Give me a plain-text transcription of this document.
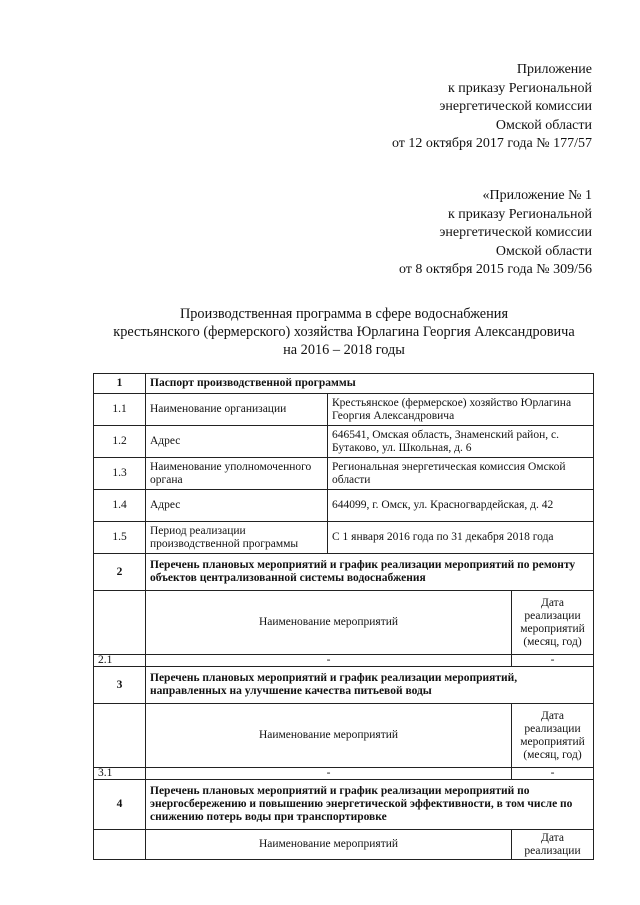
Приложение
к приказу Региональной
энергетической комиссии
Омской области
от 12 октября 2017 года № 177/57
«Приложение № 1
к приказу Региональной
энергетической комиссии
Омской области
от 8 октября 2015 года № 309/56
Производственная программа в сфере водоснабжения
крестьянского (фермерского) хозяйства Юрлагина Георгия Александровича
на 2016 – 2018 годы
1	Паспорт производственной программы		
1.1	Наименование организации	Крестьянское (фермерское) хозяйство Юрлагина Георгия Александровича	
1.2	Адрес	646541, Омская область, Знаменский район, с. Бутаково, ул. Школьная, д. 6	
1.3	Наименование уполномоченного органа	Региональная энергетическая комиссия Омской области	
1.4	Адрес	644099, г. Омск, ул. Красногвардейская, д. 42	
1.5	Период реализации производственной программы	С 1 января 2016 года по 31 декабря 2018 года	
2	Перечень плановых мероприятий и график реализации мероприятий по ремонту объектов централизованной системы водоснабжения		
	Наименование мероприятий		Дата реализации мероприятий (месяц, год)
2.1	-		-
3	Перечень плановых мероприятий и график реализации мероприятий, направленных на улучшение качества питьевой воды		
	Наименование мероприятий		Дата реализации мероприятий (месяц, год)
3.1	-		-
4	Перечень плановых мероприятий и график реализации мероприятий по энергосбережению и повышению энергетической эффективности, в том числе по снижению потерь воды при транспортировке		
	Наименование мероприятий		Дата реализации
